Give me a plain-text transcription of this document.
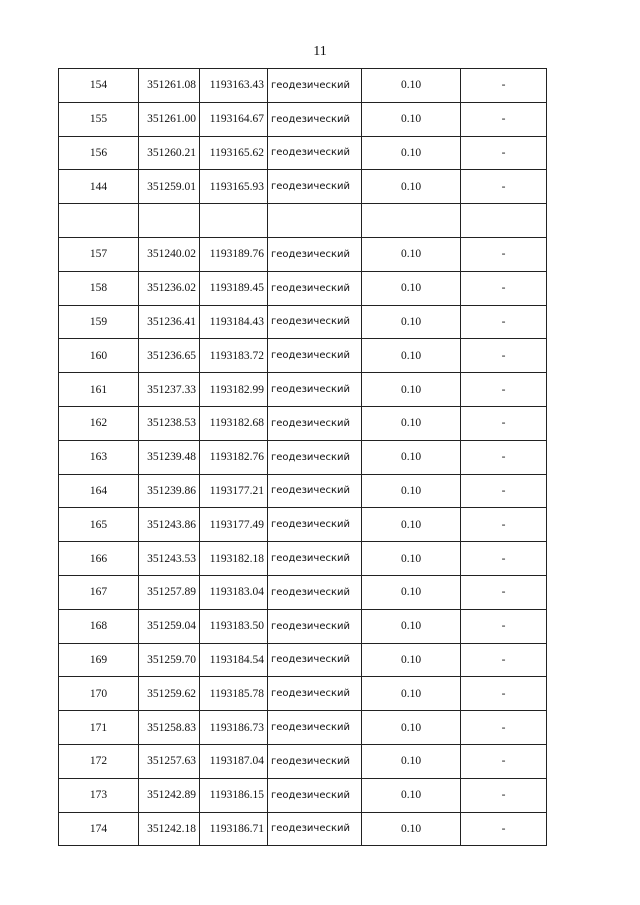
11
154	351261.08	1193163.43	геодезический	0.10	-
155	351261.00	1193164.67	геодезический	0.10	-
156	351260.21	1193165.62	геодезический	0.10	-
144	351259.01	1193165.93	геодезический	0.10	-

157	351240.02	1193189.76	геодезический	0.10	-
158	351236.02	1193189.45	геодезический	0.10	-
159	351236.41	1193184.43	геодезический	0.10	-
160	351236.65	1193183.72	геодезический	0.10	-
161	351237.33	1193182.99	геодезический	0.10	-
162	351238.53	1193182.68	геодезический	0.10	-
163	351239.48	1193182.76	геодезический	0.10	-
164	351239.86	1193177.21	геодезический	0.10	-
165	351243.86	1193177.49	геодезический	0.10	-
166	351243.53	1193182.18	геодезический	0.10	-
167	351257.89	1193183.04	геодезический	0.10	-
168	351259.04	1193183.50	геодезический	0.10	-
169	351259.70	1193184.54	геодезический	0.10	-
170	351259.62	1193185.78	геодезический	0.10	-
171	351258.83	1193186.73	геодезический	0.10	-
172	351257.63	1193187.04	геодезический	0.10	-
173	351242.89	1193186.15	геодезический	0.10	-
174	351242.18	1193186.71	геодезический	0.10	-
